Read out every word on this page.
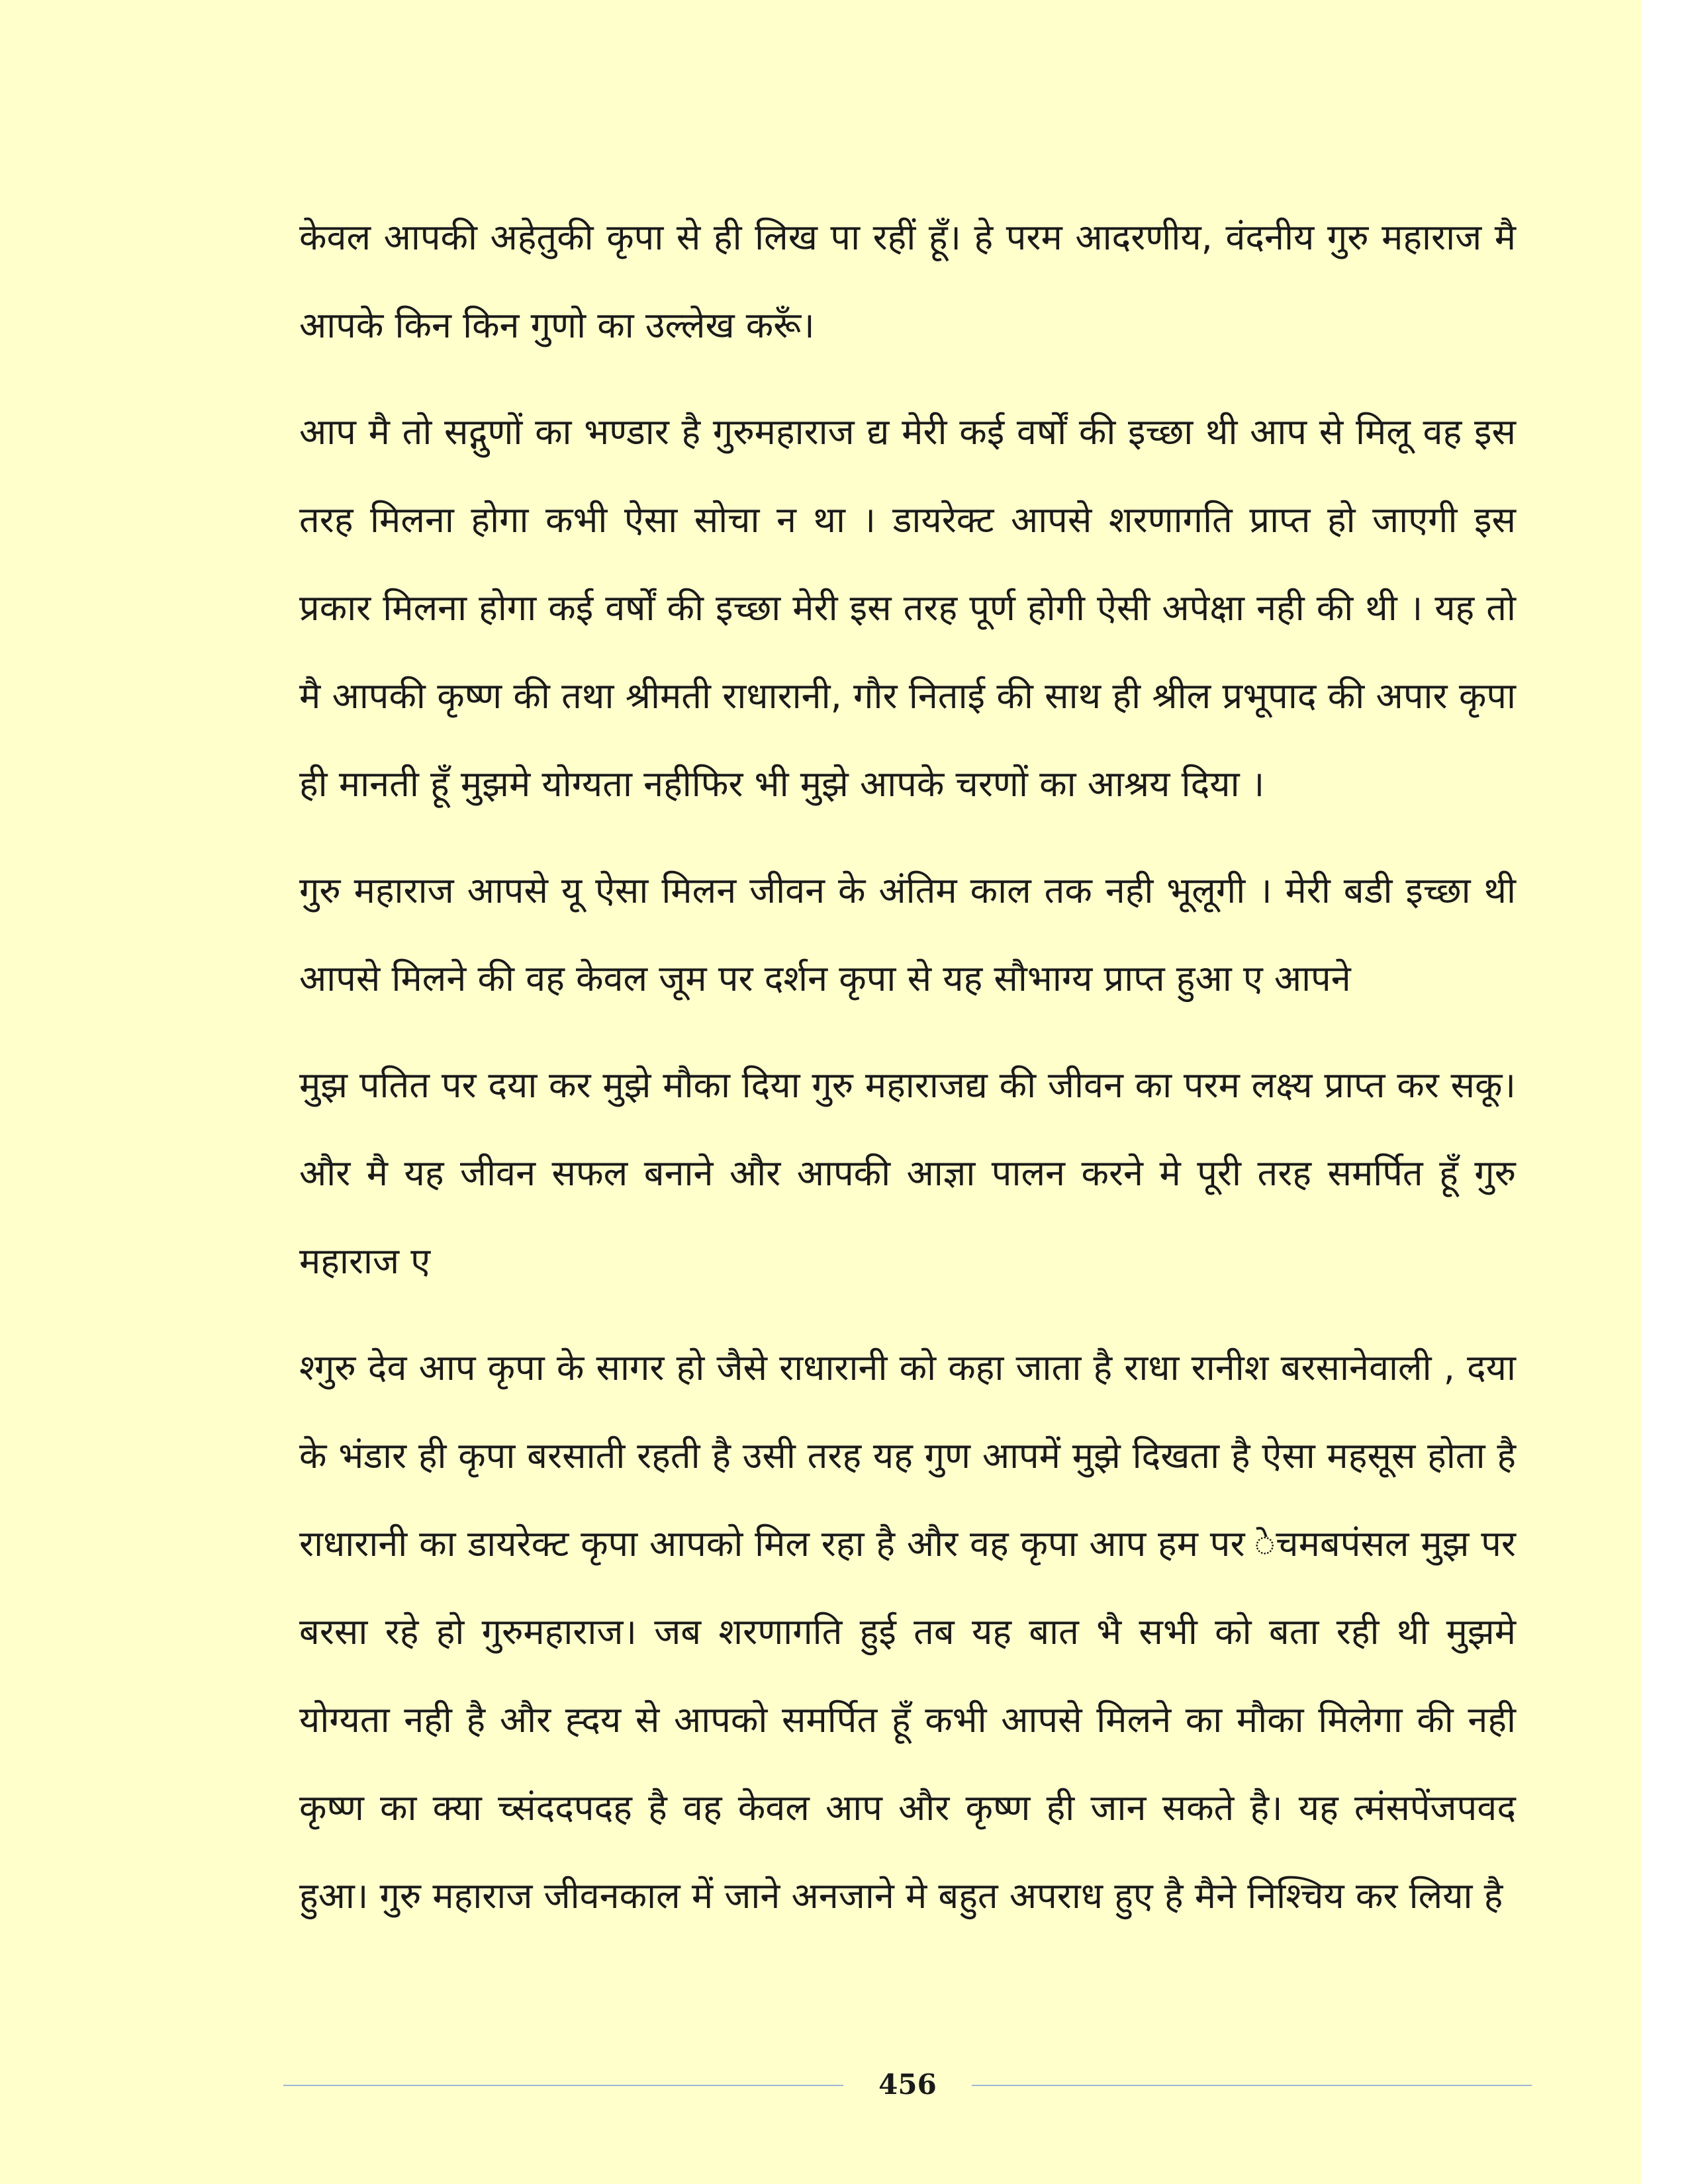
केवल आपकी अहेतुकी कृपा से ही लिख पा रहीं हूँ। हे परम आदरणीय, वंदनीय गुरु महाराज मै आपके किन किन गुणो का उल्लेख करूँ।

आप मै तो सद्गुणों का भण्डार है गुरुमहाराज द्य मेरी कई वर्षों की इच्छा थी आप से मिलू वह इस तरह मिलना होगा कभी ऐसा सोचा न था । डायरेक्ट आपसे शरणागति प्राप्त हो जाएगी इस प्रकार मिलना होगा कई वर्षों की इच्छा मेरी इस तरह पूर्ण होगी ऐसी अपेक्षा नही की थी । यह तो मै आपकी कृष्ण की तथा श्रीमती राधारानी, गौर निताई की साथ ही श्रील प्रभूपाद की अपार कृपा ही मानती हूँ मुझमे योग्यता नहीफिर भी मुझे आपके चरणों का आश्रय दिया ।

गुरु महाराज आपसे यू ऐसा मिलन जीवन के अंतिम काल तक नही भूलूगी । मेरी बडी इच्छा थी आपसे मिलने की वह केवल जूम पर दर्शन कृपा से यह सौभाग्य प्राप्त हुआ ए आपने

मुझ पतित पर दया कर मुझे मौका दिया गुरु महाराजद्य की जीवन का परम लक्ष्य प्राप्त कर सकू। और मै यह जीवन सफल बनाने और आपकी आज्ञा पालन करने मे पूरी तरह समर्पित हूँ गुरु महाराज ए

श्गुरु देव आप कृपा के सागर हो जैसे राधारानी को कहा जाता है राधा रानीश बरसानेवाली , दया के भंडार ही कृपा बरसाती रहती है उसी तरह यह गुण आपमें मुझे दिखता है ऐसा महसूस होता है राधारानी का डायरेक्ट कृपा आपको मिल रहा है और वह कृपा आप हम पर ेचमबपंसल मुझ पर बरसा रहे हो गुरुमहाराज। जब शरणागति हुई तब यह बात भै सभी को बता रही थी मुझमे योग्यता नही है और ह्दय से आपको समर्पित हूँ कभी आपसे मिलने का मौका मिलेगा की नही कृष्ण का क्या च्संददपदह है वह केवल आप और कृष्ण ही जान सकते है। यह त्मंसपेंजपवद हुआ। गुरु महाराज जीवनकाल में जाने अनजाने मे बहुत अपराध हुए है मैने निश्चिय कर लिया है

456
